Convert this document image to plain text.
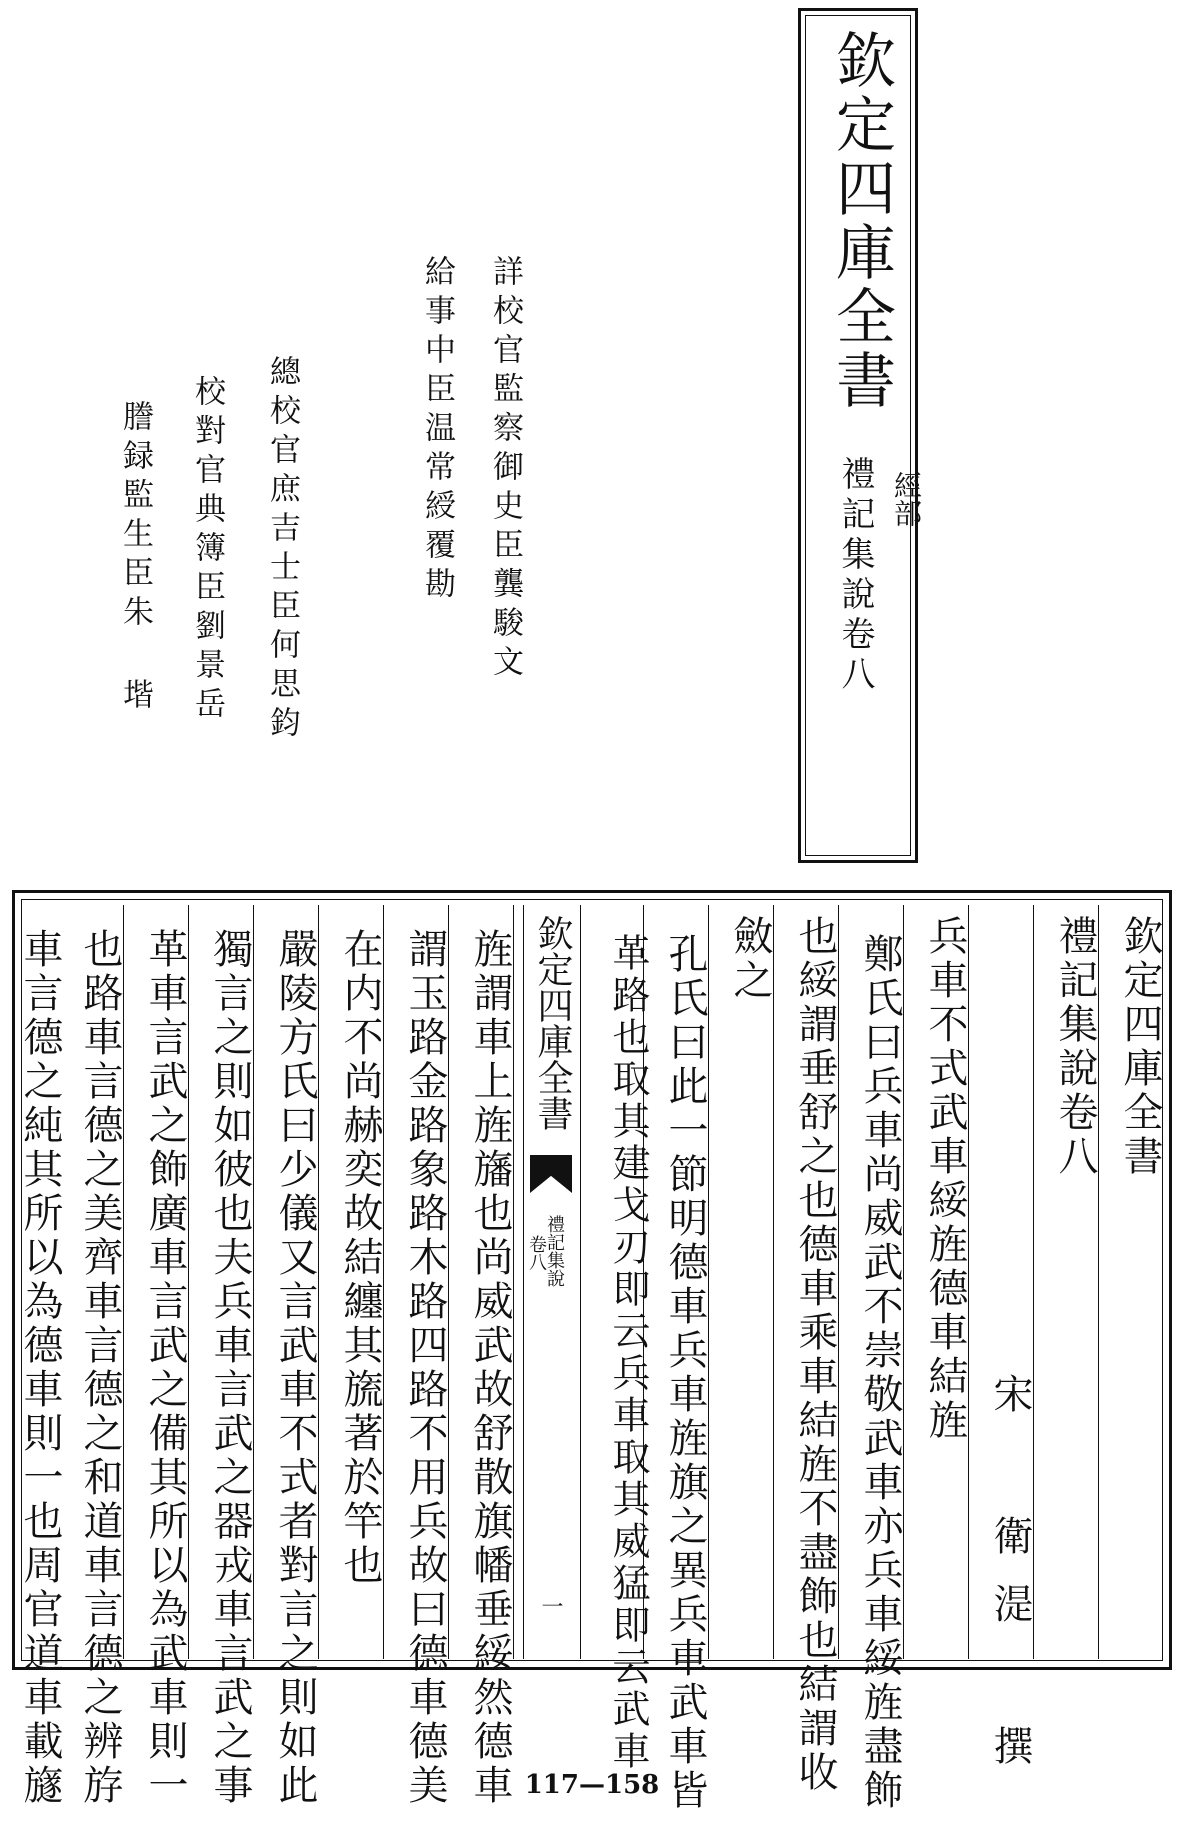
欽定四庫全書
經部
禮記集說卷八
詳校官監察御史臣龔駿文
給事中臣温常綬覆勘
總校官庶吉士臣何思鈞
校對官典簿臣劉景岳
謄録監生臣朱 堦
欽定四庫全書
禮記集說卷八
宋 衛湜 撰
兵車不式武車綏旌德車結旌
鄭氏曰兵車尚威武不崇敬武車亦兵車綏旌盡飾
也綏謂垂舒之也德車乘車結旌不盡飾也結謂收
斂之
孔氏曰此一節明德車兵車旌旗之異兵車武車皆
革路也取其建戈刃即云兵車取其威猛即云武車
欽定四庫全書
禮記集說
卷八
一
旌謂車上旌旛也尚威武故舒散旗幡垂綏然德車
謂玉路金路象路木路四路不用兵故曰德車德美
在内不尚赫奕故結纏其旒著於竿也
嚴陵方氏曰少儀又言武車不式者對言之則如此
獨言之則如彼也夫兵車言武之器戎車言武之事
革車言武之飾廣車言武之備其所以為武車則一
也路車言德之美齊車言德之和道車言德之辨斿
車言德之純其所以為德車則一也周官道車載旞	117—158
